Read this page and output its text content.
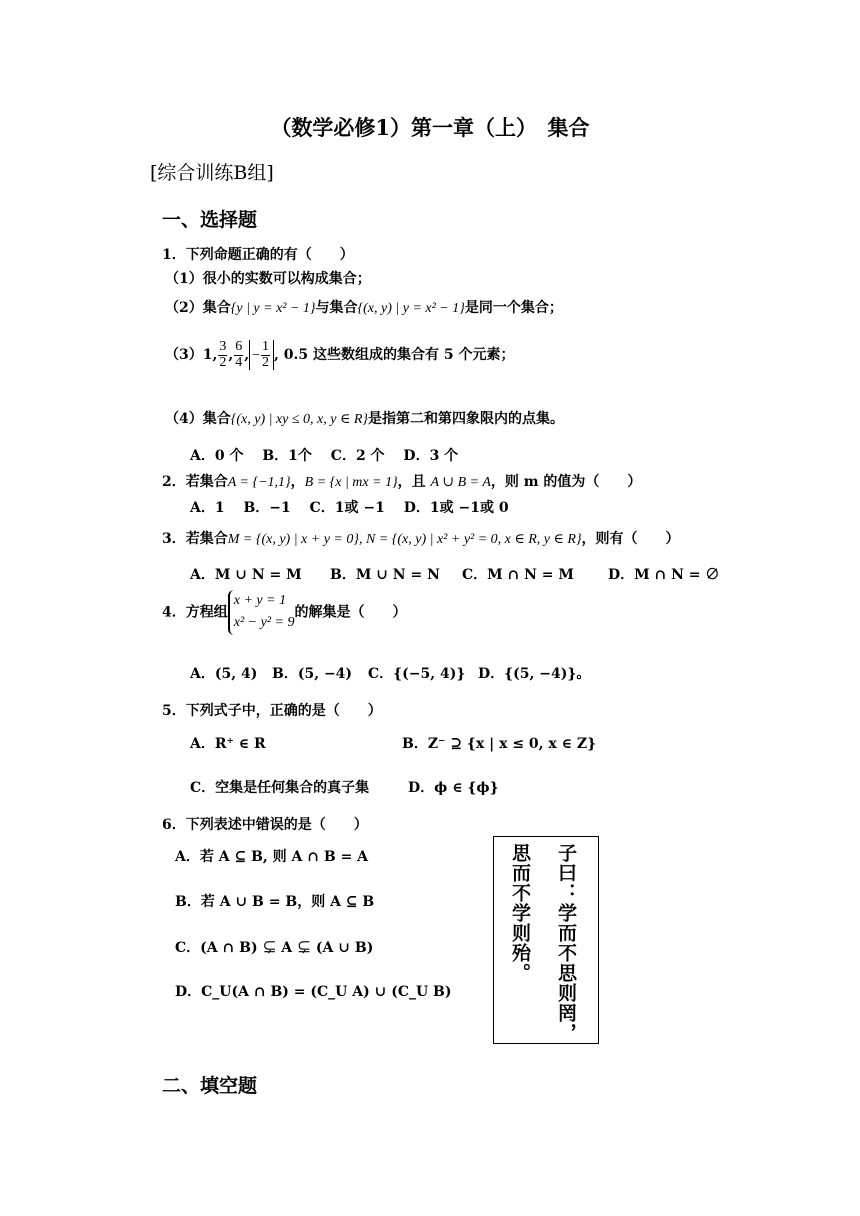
（数学必修1）第一章（上）　集合
[综合训练B组]
一、选择题
1．下列命题正确的有（　　）
（1）很小的实数可以构成集合；
（2）集合{y | y = x² − 1}与集合{(x, y) | y = x² − 1}是同一个集合；
（3）1, $\frac{3}{2}$ , $\frac{6}{4}$ , − $\frac{1}{2}$ , 0.5 这些数组成的集合有 5 个元素；
（4）集合{(x, y) | xy ≤ 0, x, y ∈ R}是指第二和第四象限内的点集。
A．0 个　 B．1个　 C．2 个　 D．3 个
2．若集合A = {−1,1}，B = {x | mx = 1}，且 A ∪ B = A，则 m 的值为（　　）
A．1　 B．−1　 C．1或 −1　 D．1或 −1或 0
3．若集合M = {(x, y) | x + y = 0}, N = {(x, y) | x² + y² = 0, x ∈ R, y ∈ R}，则有（　　）
A．M ∪ N = M B．M ∪ N = N C．M ∩ N = M D．M ∩ N = ∅
4．方程组
x + y = 1
x² − y² = 9
的解集是（　　）
A．(5, 4) B．(5, −4) C．{(−5, 4)} D．{(5, −4)}。
5．下列式子中，正确的是（　　）
A．R⁺ ∈ R	B．Z⁻ ⊇ {x | x ≤ 0, x ∈ Z}
C．空集是任何集合的真子集	D．ϕ ∈ {ϕ}
6．下列表述中错误的是（　　）
A．若 A ⊆ B, 则 A ∩ B = A
B．若 A ∪ B = B，则 A ⊆ B
C．(A ∩ B) ⊊ A ⊊ (A ∪ B)
D．C_U(A ∩ B) = (C_U A) ∪ (C_U B)	子曰：学而不思则罔，
思而不学则殆。
二、填空题
